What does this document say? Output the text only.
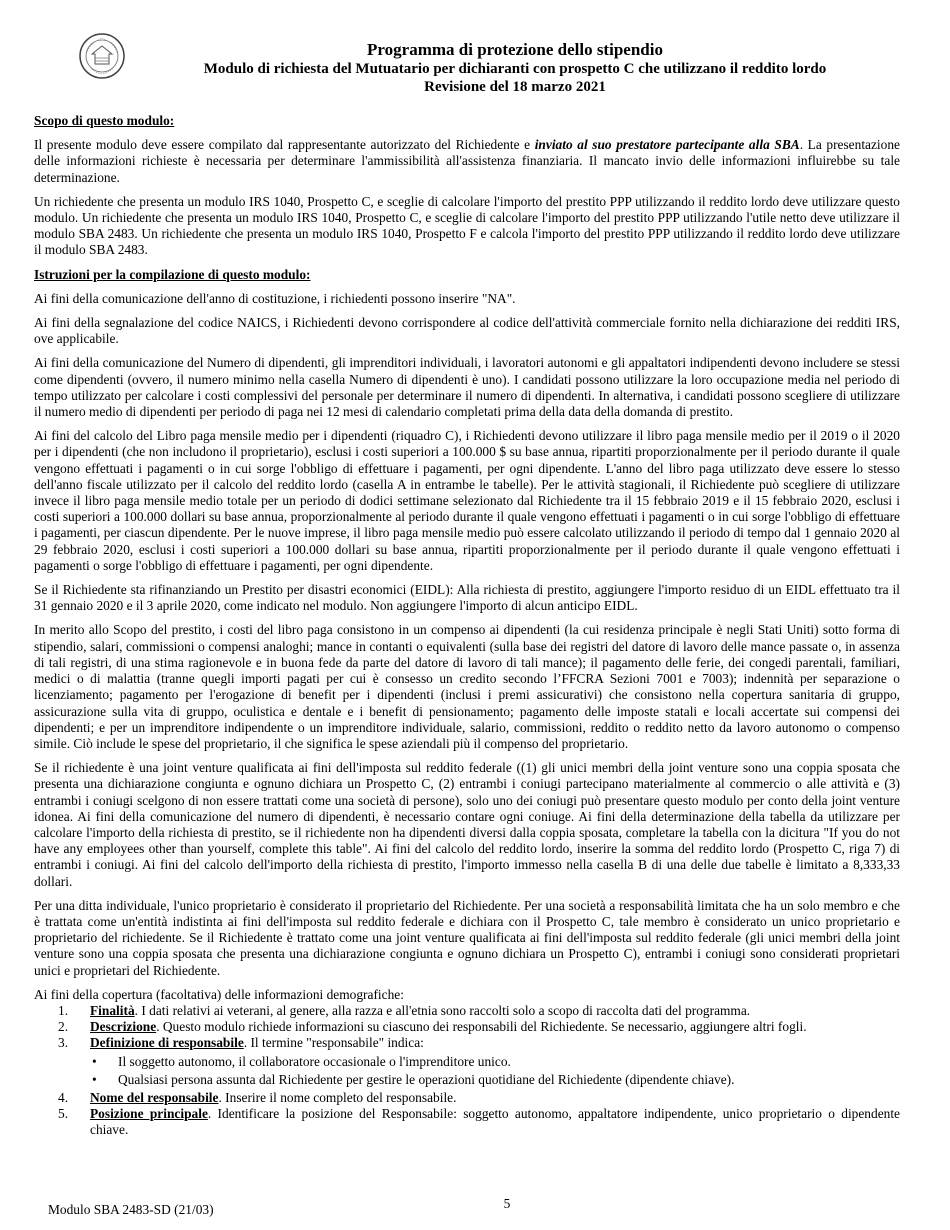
Programma di protezione dello stipendio
Modulo di richiesta del Mutuatario per dichiaranti con prospetto C che utilizzano il reddito lordo
Revisione del 18 marzo 2021
Scopo di questo modulo:

Il presente modulo deve essere compilato dal rappresentante autorizzato del Richiedente e inviato al suo prestatore partecipante alla SBA. La presentazione delle informazioni richieste è necessaria per determinare l'ammissibilità all'assistenza finanziaria. Il mancato invio delle informazioni influirebbe su tale determinazione.

Un richiedente che presenta un modulo IRS 1040, Prospetto C, e sceglie di calcolare l'importo del prestito PPP utilizzando il reddito lordo deve utilizzare questo modulo. Un richiedente che presenta un modulo IRS 1040, Prospetto C, e sceglie di calcolare l'importo del prestito PPP utilizzando l'utile netto deve utilizzare il modulo SBA 2483. Un richiedente che presenta un modulo IRS 1040, Prospetto F e calcola l'importo del prestito PPP utilizzando il reddito lordo deve utilizzare il modulo SBA 2483.

Istruzioni per la compilazione di questo modulo:

Ai fini della comunicazione dell'anno di costituzione, i richiedenti possono inserire "NA".

Ai fini della segnalazione del codice NAICS, i Richiedenti devono corrispondere al codice dell'attività commerciale fornito nella dichiarazione dei redditi IRS, ove applicabile.

Ai fini della comunicazione del Numero di dipendenti, gli imprenditori individuali, i lavoratori autonomi e gli appaltatori indipendenti devono includere se stessi come dipendenti (ovvero, il numero minimo nella casella Numero di dipendenti è uno). I candidati possono utilizzare la loro occupazione media nel periodo di tempo utilizzato per calcolare i costi complessivi del personale per determinare il numero di dipendenti. In alternativa, i candidati possono scegliere di utilizzare il numero medio di dipendenti per periodo di paga nei 12 mesi di calendario completati prima della data della domanda di prestito.

Ai fini del calcolo del Libro paga mensile medio per i dipendenti (riquadro C), i Richiedenti devono utilizzare il libro paga mensile medio per il 2019 o il 2020 per i dipendenti (che non includono il proprietario), esclusi i costi superiori a 100.000 $ su base annua, ripartiti proporzionalmente per il periodo durante il quale vengono effettuati i pagamenti o in cui sorge l'obbligo di effettuare i pagamenti, per ogni dipendente. L'anno del libro paga utilizzato deve essere lo stesso dell'anno fiscale utilizzato per il calcolo del reddito lordo (casella A in entrambe le tabelle). Per le attività stagionali, il Richiedente può scegliere di utilizzare invece il libro paga mensile medio totale per un periodo di dodici settimane selezionato dal Richiedente tra il 15 febbraio 2019 e il 15 febbraio 2020, esclusi i costi superiori a 100.000 dollari su base annua, proporzionalmente al periodo durante il quale vengono effettuati i pagamenti o in cui sorge l'obbligo di effettuare i pagamenti, per ciascun dipendente. Per le nuove imprese, il libro paga mensile medio può essere calcolato utilizzando il periodo di tempo dal 1 gennaio 2020 al 29 febbraio 2020, esclusi i costi superiori a 100.000 dollari su base annua, ripartiti proporzionalmente per il periodo durante il quale vengono effettuati i pagamenti o sorge l'obbligo di effettuare i pagamenti, per ogni dipendente.

Se il Richiedente sta rifinanziando un Prestito per disastri economici (EIDL): Alla richiesta di prestito, aggiungere l'importo residuo di un EIDL effettuato tra il 31 gennaio 2020 e il 3 aprile 2020, come indicato nel modulo. Non aggiungere l'importo di alcun anticipo EIDL.

In merito allo Scopo del prestito, i costi del libro paga consistono in un compenso ai dipendenti (la cui residenza principale è negli Stati Uniti) sotto forma di stipendio, salari, commissioni o compensi analoghi; mance in contanti o equivalenti (sulla base dei registri del datore di lavoro delle mance passate o, in assenza di tali registri, di una stima ragionevole e in buona fede da parte del datore di lavoro di tali mance); il pagamento delle ferie, dei congedi parentali, familiari, medici o di malattia (tranne quegli importi pagati per cui è consesso un credito secondo l’FFCRA Sezioni 7001 e 7003); indennità per separazione o licenziamento; pagamento per l'erogazione di benefit per i dipendenti (inclusi i premi assicurativi) che consistono nella copertura sanitaria di gruppo, assicurazione sulla vita di gruppo, oculistica e dentale e i benefit di pensionamento; pagamento delle imposte statali e locali accertate sui compensi dei dipendenti; e per un imprenditore indipendente o un imprenditore individuale, salario, commissioni, reddito o reddito netto da lavoro autonomo o compenso simile. Ciò include le spese del proprietario, il che significa le spese aziendali più il compenso del proprietario.

Se il richiedente è una joint venture qualificata ai fini dell'imposta sul reddito federale ((1) gli unici membri della joint venture sono una coppia sposata che presenta una dichiarazione congiunta e ognuno dichiara un Prospetto C, (2) entrambi i coniugi partecipano materialmente al commercio o alle attività e (3) entrambi i coniugi scelgono di non essere trattati come una società di persone), solo uno dei coniugi può presentare questo modulo per conto della joint venture idonea. Ai fini della comunicazione del numero di dipendenti, è necessario contare ogni coniuge. Ai fini della determinazione della tabella da utilizzare per calcolare l'importo della richiesta di prestito, se il richiedente non ha dipendenti diversi dalla coppia sposata, completare la tabella con la dicitura "If you do not have any employees other than yourself, complete this table". Ai fini del calcolo del reddito lordo, inserire la somma del reddito lordo (Prospetto C, riga 7) di entrambi i coniugi. Ai fini del calcolo dell'importo della richiesta di prestito, l'importo immesso nella casella B di una delle due tabelle è limitato a 8,333,33 dollari.

Per una ditta individuale, l'unico proprietario è considerato il proprietario del Richiedente. Per una società a responsabilità limitata che ha un solo membro e che è trattata come un'entità indistinta ai fini dell'imposta sul reddito federale e dichiara con il Prospetto C, tale membro è considerato un unico proprietario e proprietario del richiedente. Se il Richiedente è trattato come una joint venture qualificata ai fini dell'imposta sul reddito federale (gli unici membri della joint venture sono una coppia sposata che presenta una dichiarazione congiunta e ognuno dichiara un Prospetto C), entrambi i coniugi sono considerati proprietari unici e proprietari del Richiedente.

Ai fini della copertura (facoltativa) delle informazioni demografiche:
1. Finalità. I dati relativi ai veterani, al genere, alla razza e all'etnia sono raccolti solo a scopo di raccolta dati del programma.
2. Descrizione. Questo modulo richiede informazioni su ciascuno dei responsabili del Richiedente. Se necessario, aggiungere altri fogli.
3. Definizione di responsabile. Il termine "responsabile" indica:
• Il soggetto autonomo, il collaboratore occasionale o l'imprenditore unico.
• Qualsiasi persona assunta dal Richiedente per gestire le operazioni quotidiane del Richiedente (dipendente chiave).
4. Nome del responsabile. Inserire il nome completo del responsabile.
5. Posizione principale. Identificare la posizione del Responsabile: soggetto autonomo, appaltatore indipendente, unico proprietario o dipendente chiave.
Modulo SBA 2483-SD (21/03)	5
